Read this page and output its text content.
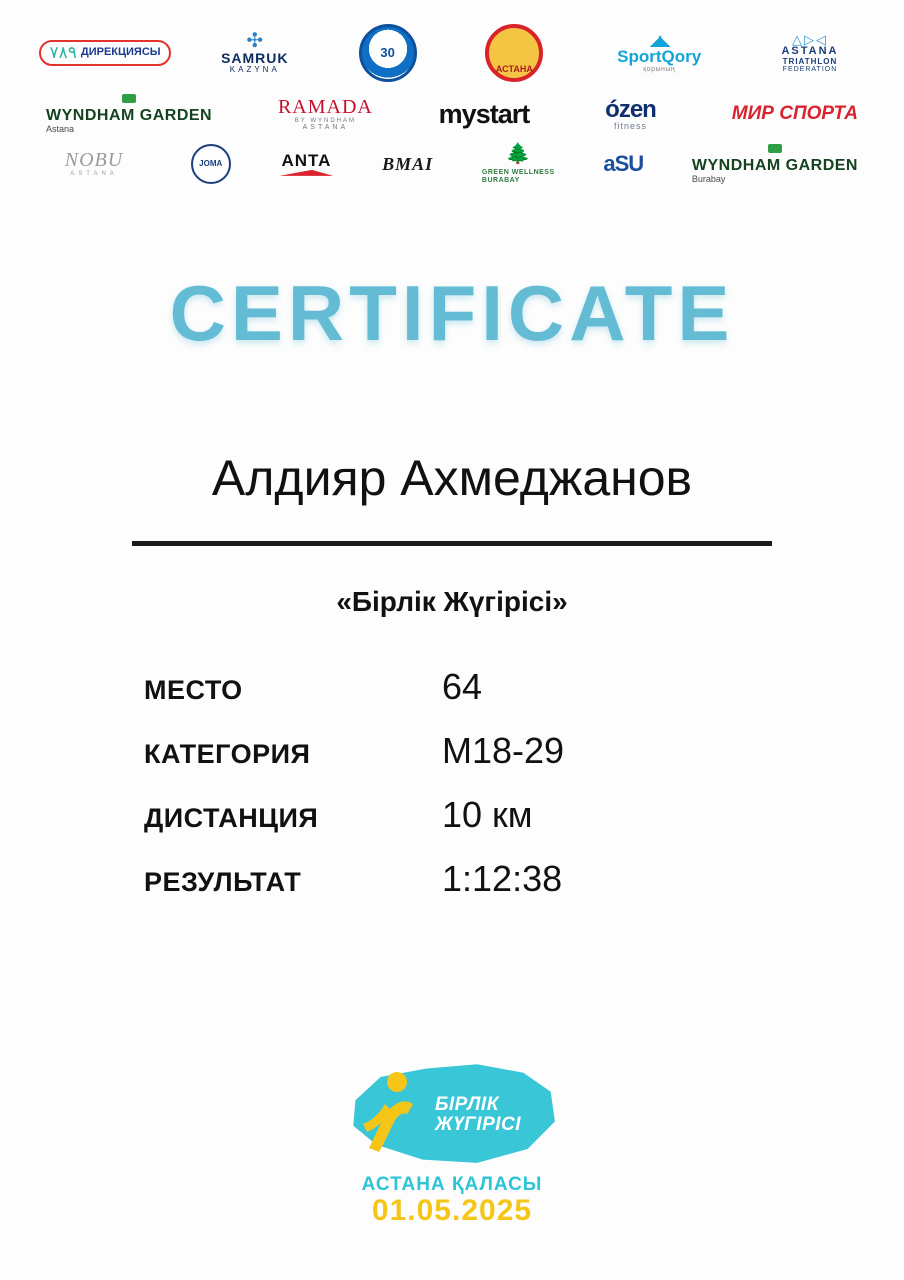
۷۸۹ ДИРЕКЦИЯСЫ	✣
SAMRUK
KAZYNA
30
АСТАНА
◢◣
SportQory
қорының
△▷◁
ASTANA
TRIATHLON
FEDERATION
WYNDHAM GARDEN
Astana
RAMADA
BY WYNDHAM
ASTANA	mystart	ózen
fitness
МИР СПОРТА
NOBU
ASTANA
JOMA	ANTA	BMAI	🌲
GREEN WELLNESS
BURABAY
aSU	WYNDHAM GARDEN
Burabay
CERTIFICATE
Алдияр Ахмеджанов
«Бірлік Жүгірісі»
МЕСТО	64
КАТЕГОРИЯ	M18-29
ДИСТАНЦИЯ	10 км
РЕЗУЛЬТАТ	1:12:38
БІРЛІК
ЖҮГІРІСІ
АСТАНА ҚАЛАСЫ
01.05.2025
